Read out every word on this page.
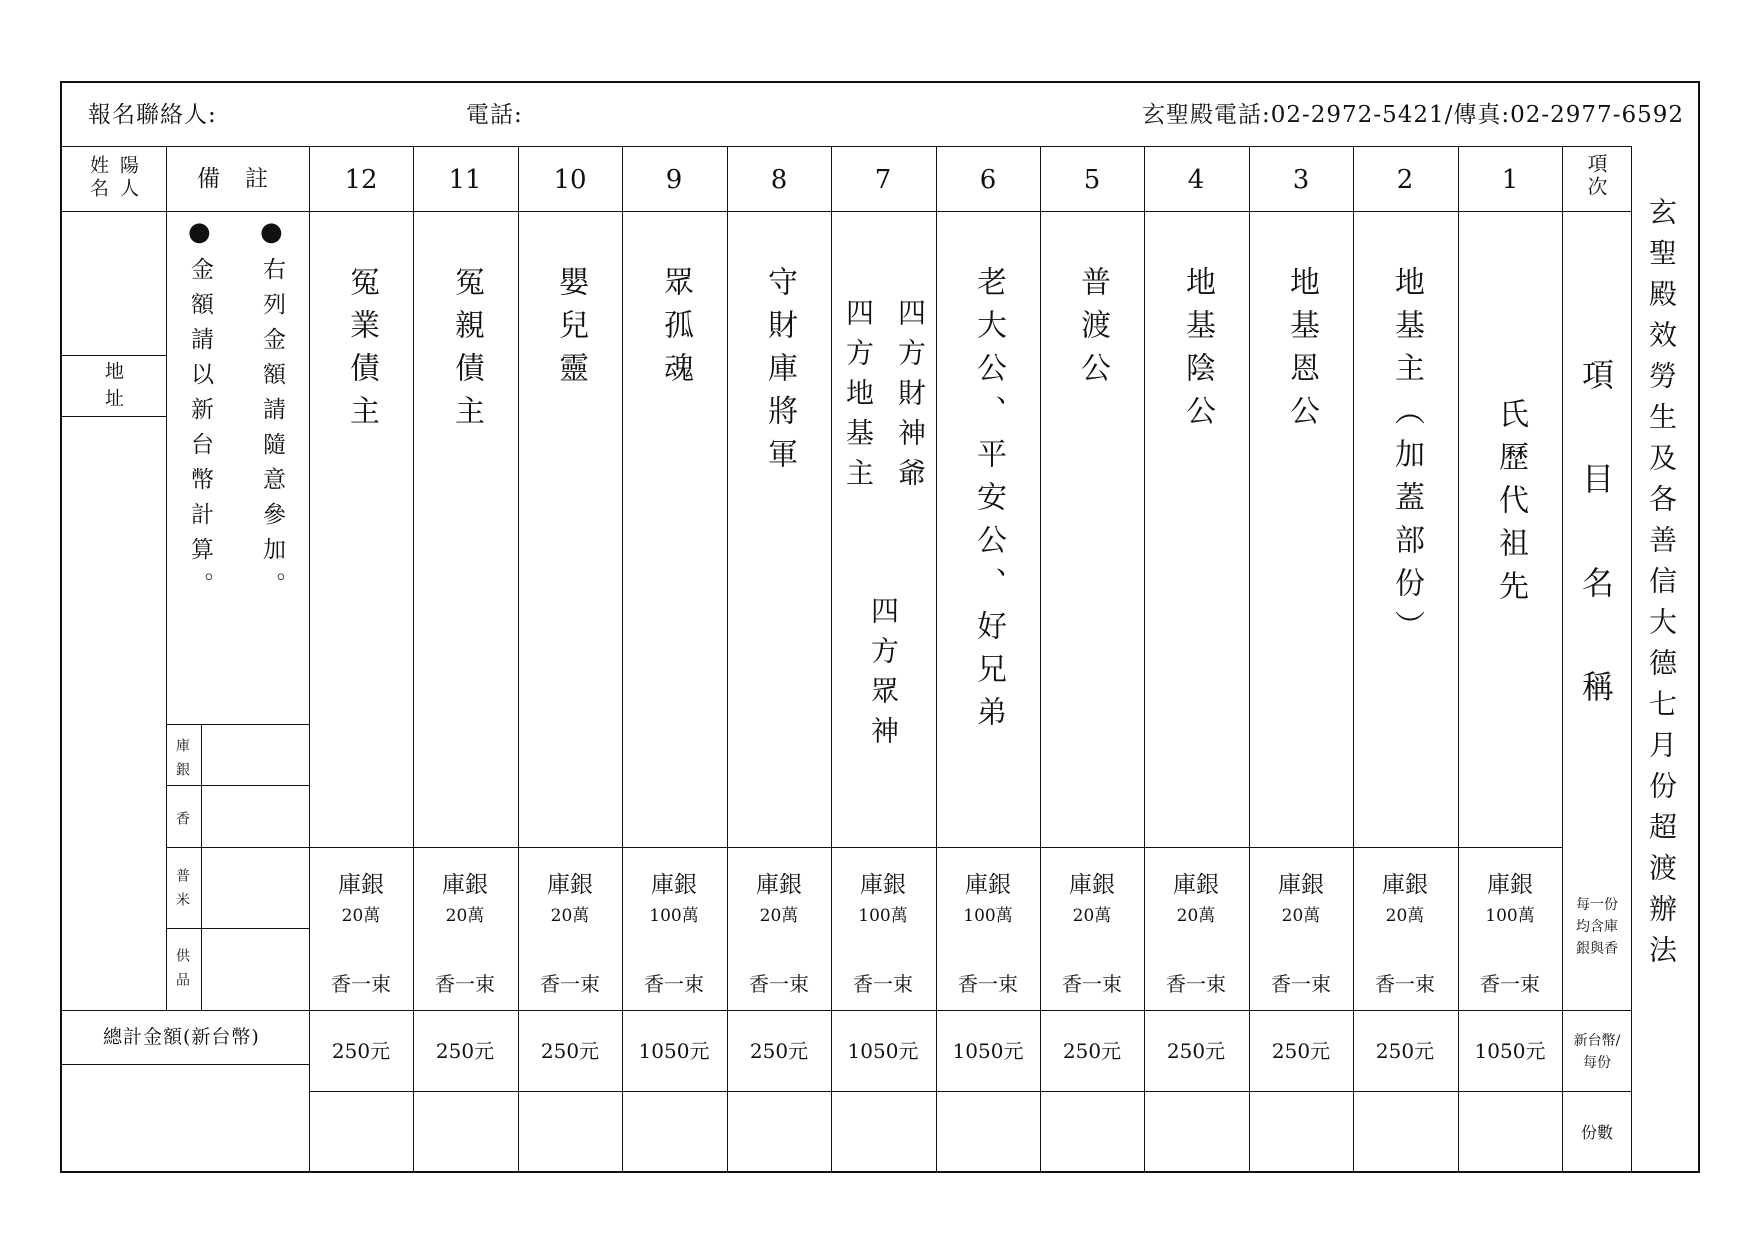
報名聯絡人:	電話:	玄聖殿電話:02-2972-5421/傳真:02-2977-6592
玄聖殿效勞生及各善信大德七月份超渡辦法
陽人
姓名
地址
備　註
●
●
右列金額請隨意參加。
金額請以新台幣計算。
庫銀
香
普米
供品
總計金額(新台幣)
項次
項目名稱
每一份
均含庫
銀與香
新台幣/
每份
份數
1
氏歷代祖先
庫銀
100萬
香一束
1050元
2
地基主︵加蓋部份︶
庫銀
20萬
香一束
250元
3
地基恩公
庫銀
20萬
香一束
250元
4
地基陰公
庫銀
20萬
香一束
250元
5
普渡公
庫銀
20萬
香一束
250元
6
老大公、平安公、好兄弟
庫銀
100萬
香一束
1050元
7
四方財神爺
四方地基主
四方眾神
庫銀
100萬
香一束
1050元
8
守財庫將軍
庫銀
20萬
香一束
250元
9
眾孤魂
庫銀
100萬
香一束
1050元
10
嬰兒靈
庫銀
20萬
香一束
250元
11
冤親債主
庫銀
20萬
香一束
250元
12
冤業債主
庫銀
20萬
香一束
250元
